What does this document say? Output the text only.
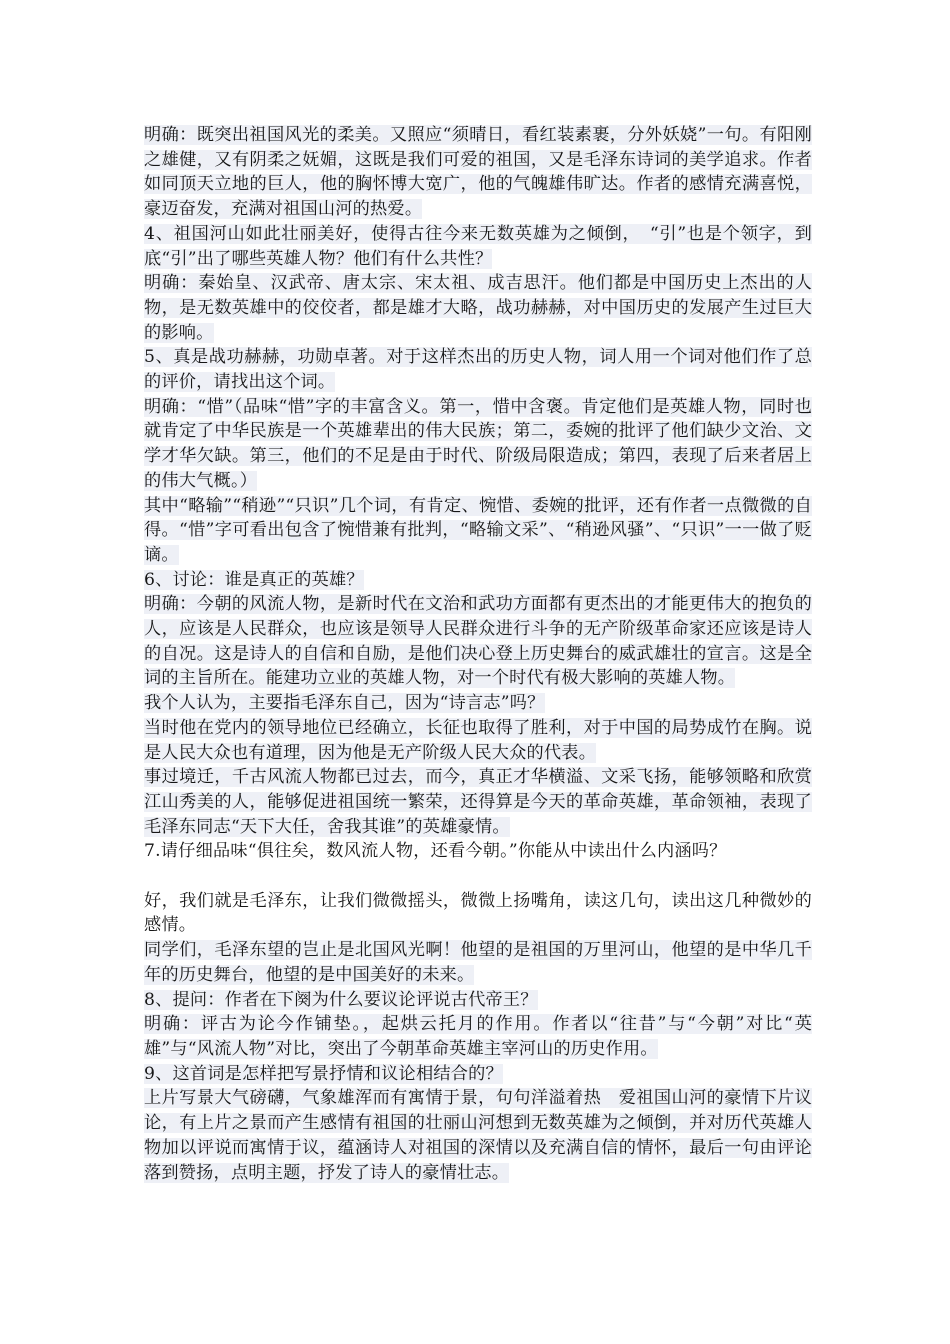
明确：既突出祖国风光的柔美。又照应“须晴日，看红装素裹，分外妖娆”一句。有阳刚之雄健，又有阴柔之妩媚，这既是我们可爱的祖国，又是毛泽东诗词的美学追求。作者如同顶天立地的巨人，他的胸怀博大宽广，他的气魄雄伟旷达。作者的感情充满喜悦，豪迈奋发，充满对祖国山河的热爱。

4、祖国河山如此壮丽美好，使得古往今来无数英雄为之倾倒，　“引”也是个领字，到底“引”出了哪些英雄人物？他们有什么共性？

明确：秦始皇、汉武帝、唐太宗、宋太祖、成吉思汗。他们都是中国历史上杰出的人物，是无数英雄中的佼佼者，都是雄才大略，战功赫赫，对中国历史的发展产生过巨大的影响。

5、真是战功赫赫，功勋卓著。对于这样杰出的历史人物，词人用一个词对他们作了总的评价，请找出这个词。

明确：“惜”（品味“惜”字的丰富含义。第一，惜中含褒。肯定他们是英雄人物，同时也就肯定了中华民族是一个英雄辈出的伟大民族；第二，委婉的批评了他们缺少文治、文学才华欠缺。第三，他们的不足是由于时代、阶级局限造成；第四，表现了后来者居上的伟大气概。）

其中“略输”“稍逊”“只识”几个词，有肯定、惋惜、委婉的批评，还有作者一点微微的自得。“惜”字可看出包含了惋惜兼有批判，“略输文采”、“稍逊风骚”、“只识”一一做了贬谪。

6、讨论：谁是真正的英雄？

明确：今朝的风流人物，是新时代在文治和武功方面都有更杰出的才能更伟大的抱负的人，应该是人民群众，也应该是领导人民群众进行斗争的无产阶级革命家还应该是诗人的自况。这是诗人的自信和自励，是他们决心登上历史舞台的威武雄壮的宣言。这是全词的主旨所在。能建功立业的英雄人物，对一个时代有极大影响的英雄人物。

我个人认为，主要指毛泽东自己，因为“诗言志”吗？

当时他在党内的领导地位已经确立，长征也取得了胜利，对于中国的局势成竹在胸。说是人民大众也有道理，因为他是无产阶级人民大众的代表。

事过境迁，千古风流人物都已过去，而今，真正才华横溢、文采飞扬，能够领略和欣赏江山秀美的人，能够促进祖国统一繁荣，还得算是今天的革命英雄，革命领袖，表现了毛泽东同志“天下大任，舍我其谁”的英雄豪情。

7.请仔细品味“俱往矣，数风流人物，还看今朝。”你能从中读出什么内涵吗？

好，我们就是毛泽东，让我们微微摇头，微微上扬嘴角，读这几句，读出这几种微妙的感情。

同学们，毛泽东望的岂止是北国风光啊！他望的是祖国的万里河山，他望的是中华几千年的历史舞台，他望的是中国美好的未来。

8、提问：作者在下阕为什么要议论评说古代帝王？

明确：评古为论今作铺垫。，起烘云托月的作用。作者以“往昔”与“今朝”对比“英雄”与“风流人物”对比，突出了今朝革命英雄主宰河山的历史作用。

9、这首词是怎样把写景抒情和议论相结合的？

上片写景大气磅礴，气象雄浑而有寓情于景，句句洋溢着热　爱祖国山河的豪情下片议论，有上片之景而产生感情有祖国的壮丽山河想到无数英雄为之倾倒，并对历代英雄人物加以评说而寓情于议，蕴涵诗人对祖国的深情以及充满自信的情怀，最后一句由评论落到赞扬，点明主题，抒发了诗人的豪情壮志。
